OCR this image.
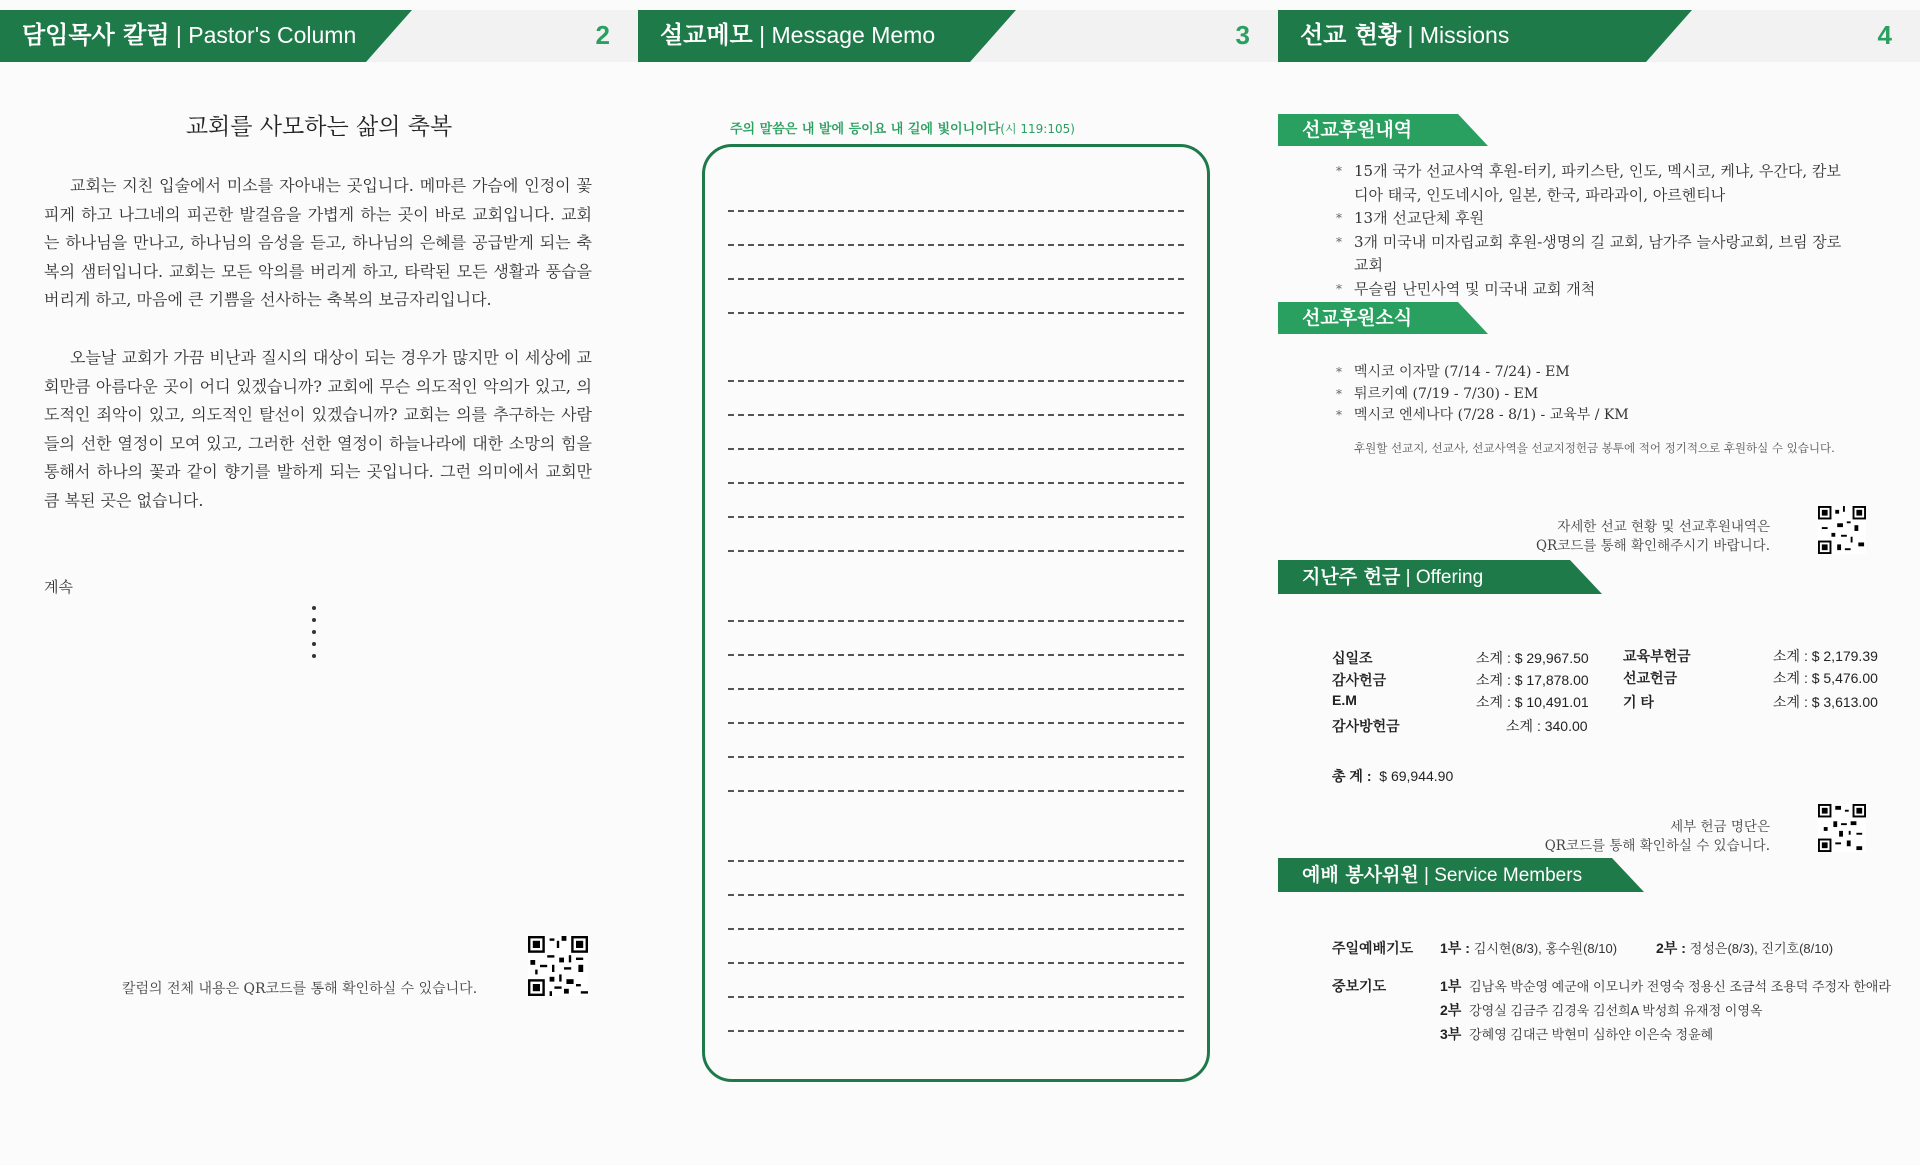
담임목사 칼럼 | Pastor's Column	2
교회를 사모하는 삶의 축복

교회는 지친 입술에서 미소를 자아내는 곳입니다. 메마른 가슴에 인정이 꽃피게 하고 나그네의 피곤한 발걸음을 가볍게 하는 곳이 바로 교회입니다. 교회는 하나님을 만나고, 하나님의 음성을 듣고, 하나님의 은혜를 공급받게 되는 축복의 샘터입니다. 교회는 모든 악의를 버리게 하고, 타락된 모든 생활과 풍습을 버리게 하고, 마음에 큰 기쁨을 선사하는 축복의 보금자리입니다.

오늘날 교회가 가끔 비난과 질시의 대상이 되는 경우가 많지만 이 세상에 교회만큼 아름다운 곳이 어디 있겠습니까? 교회에 무슨 의도적인 악의가 있고, 의도적인 죄악이 있고, 의도적인 탈선이 있겠습니까? 교회는 의를 추구하는 사람들의 선한 열정이 모여 있고, 그러한 선한 열정이 하늘나라에 대한 소망의 힘을 통해서 하나의 꽃과 같이 향기를 발하게 되는 곳입니다. 그런 의미에서 교회만큼 복된 곳은 없습니다.

계속
칼럼의 전체 내용은 QR코드를 통해 확인하실 수 있습니다.
설교메모 | Message Memo	3
주의 말씀은 내 발에 등이요 내 길에 빛이니이다(시 119:105)
선교 현황 | Missions	4
선교후원내역
* 15개 국가 선교사역 후원-터키, 파키스탄, 인도, 멕시코, 케냐, 우간다, 캄보디아 태국, 인도네시아, 일본, 한국, 파라과이, 아르헨티나
* 13개 선교단체 후원
* 3개 미국내 미자립교회 후원-생명의 길 교회, 남가주 늘사랑교회, 브림 장로교회
* 무슬림 난민사역 및 미국내 교회 개척
선교후원소식
* 멕시코 이자말 (7/14 - 7/24) - EM
* 튀르키예 (7/19 - 7/30) - EM
* 멕시코 엔세나다 (7/28 - 8/1) - 교육부 / KM
후원할 선교지, 선교사, 선교사역을 선교지정헌금 봉투에 적어 정기적으로 후원하실 수 있습니다.
자세한 선교 현황 및 선교후원내역은
QR코드를 통해 확인해주시기 바랍니다.
지난주 헌금 | Offering
십일조	소계 : $ 29,967.50
감사헌금	소계 : $ 17,878.00
E.M	소계 : $ 10,491.01
감사방헌금	소계 : 340.00
교육부헌금	소계 : $ 2,179.39
선교헌금	소계 : $ 5,476.00
기 타	소계 : $ 3,613.00
총 계 : $ 69,944.90
세부 헌금 명단은
QR코드를 통해 확인하실 수 있습니다.
예배 봉사위원 | Service Members
주일예배기도 1부 : 김시현(8/3), 홍수원(8/10)	2부 : 정성은(8/3), 진기호(8/10)
중보기도	1부 김남옥 박순영 예군애 이모니카 전영숙 정용신 조금석 조용덕 주정자 한애라
2부 강영실 김금주 김경욱 김선희A 박성희 유재정 이영옥
3부 강혜영 김대근 박현미 심하얀 이은숙 정윤혜
